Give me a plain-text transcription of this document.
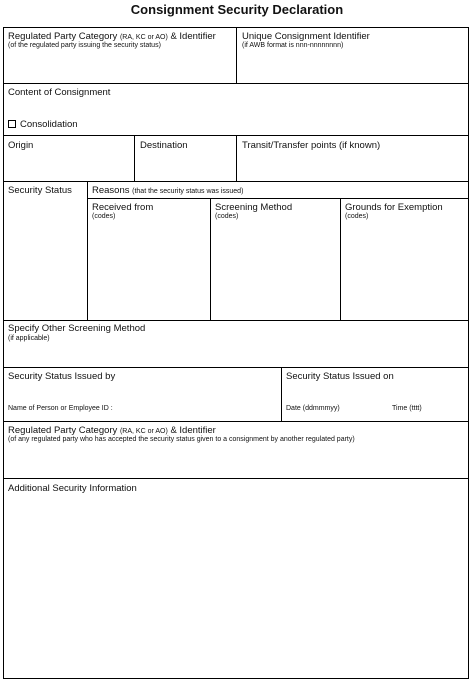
Consignment Security Declaration
Regulated Party Category (RA, KC or AO) & Identifier
(of the regulated party issuing the security status)
Unique Consignment Identifier
(if AWB format is nnn-nnnnnnnn)
Content of Consignment
Consolidation
Origin	Destination	Transit/Transfer points (if known)
Security Status Reasons (that the security status was issued)
Received from
(codes)
Screening Method
(codes)
Grounds for Exemption
(codes)
Specify Other Screening Method
(if applicable)
Security Status Issued by
Name of Person or Employee ID :
Security Status Issued on
Date (ddmmmyy)	Time (tttt)
Regulated Party Category (RA, KC or AO) & Identifier
(of any regulated party who has accepted the security status given to a consignment by another regulated party)
Additional Security Information
